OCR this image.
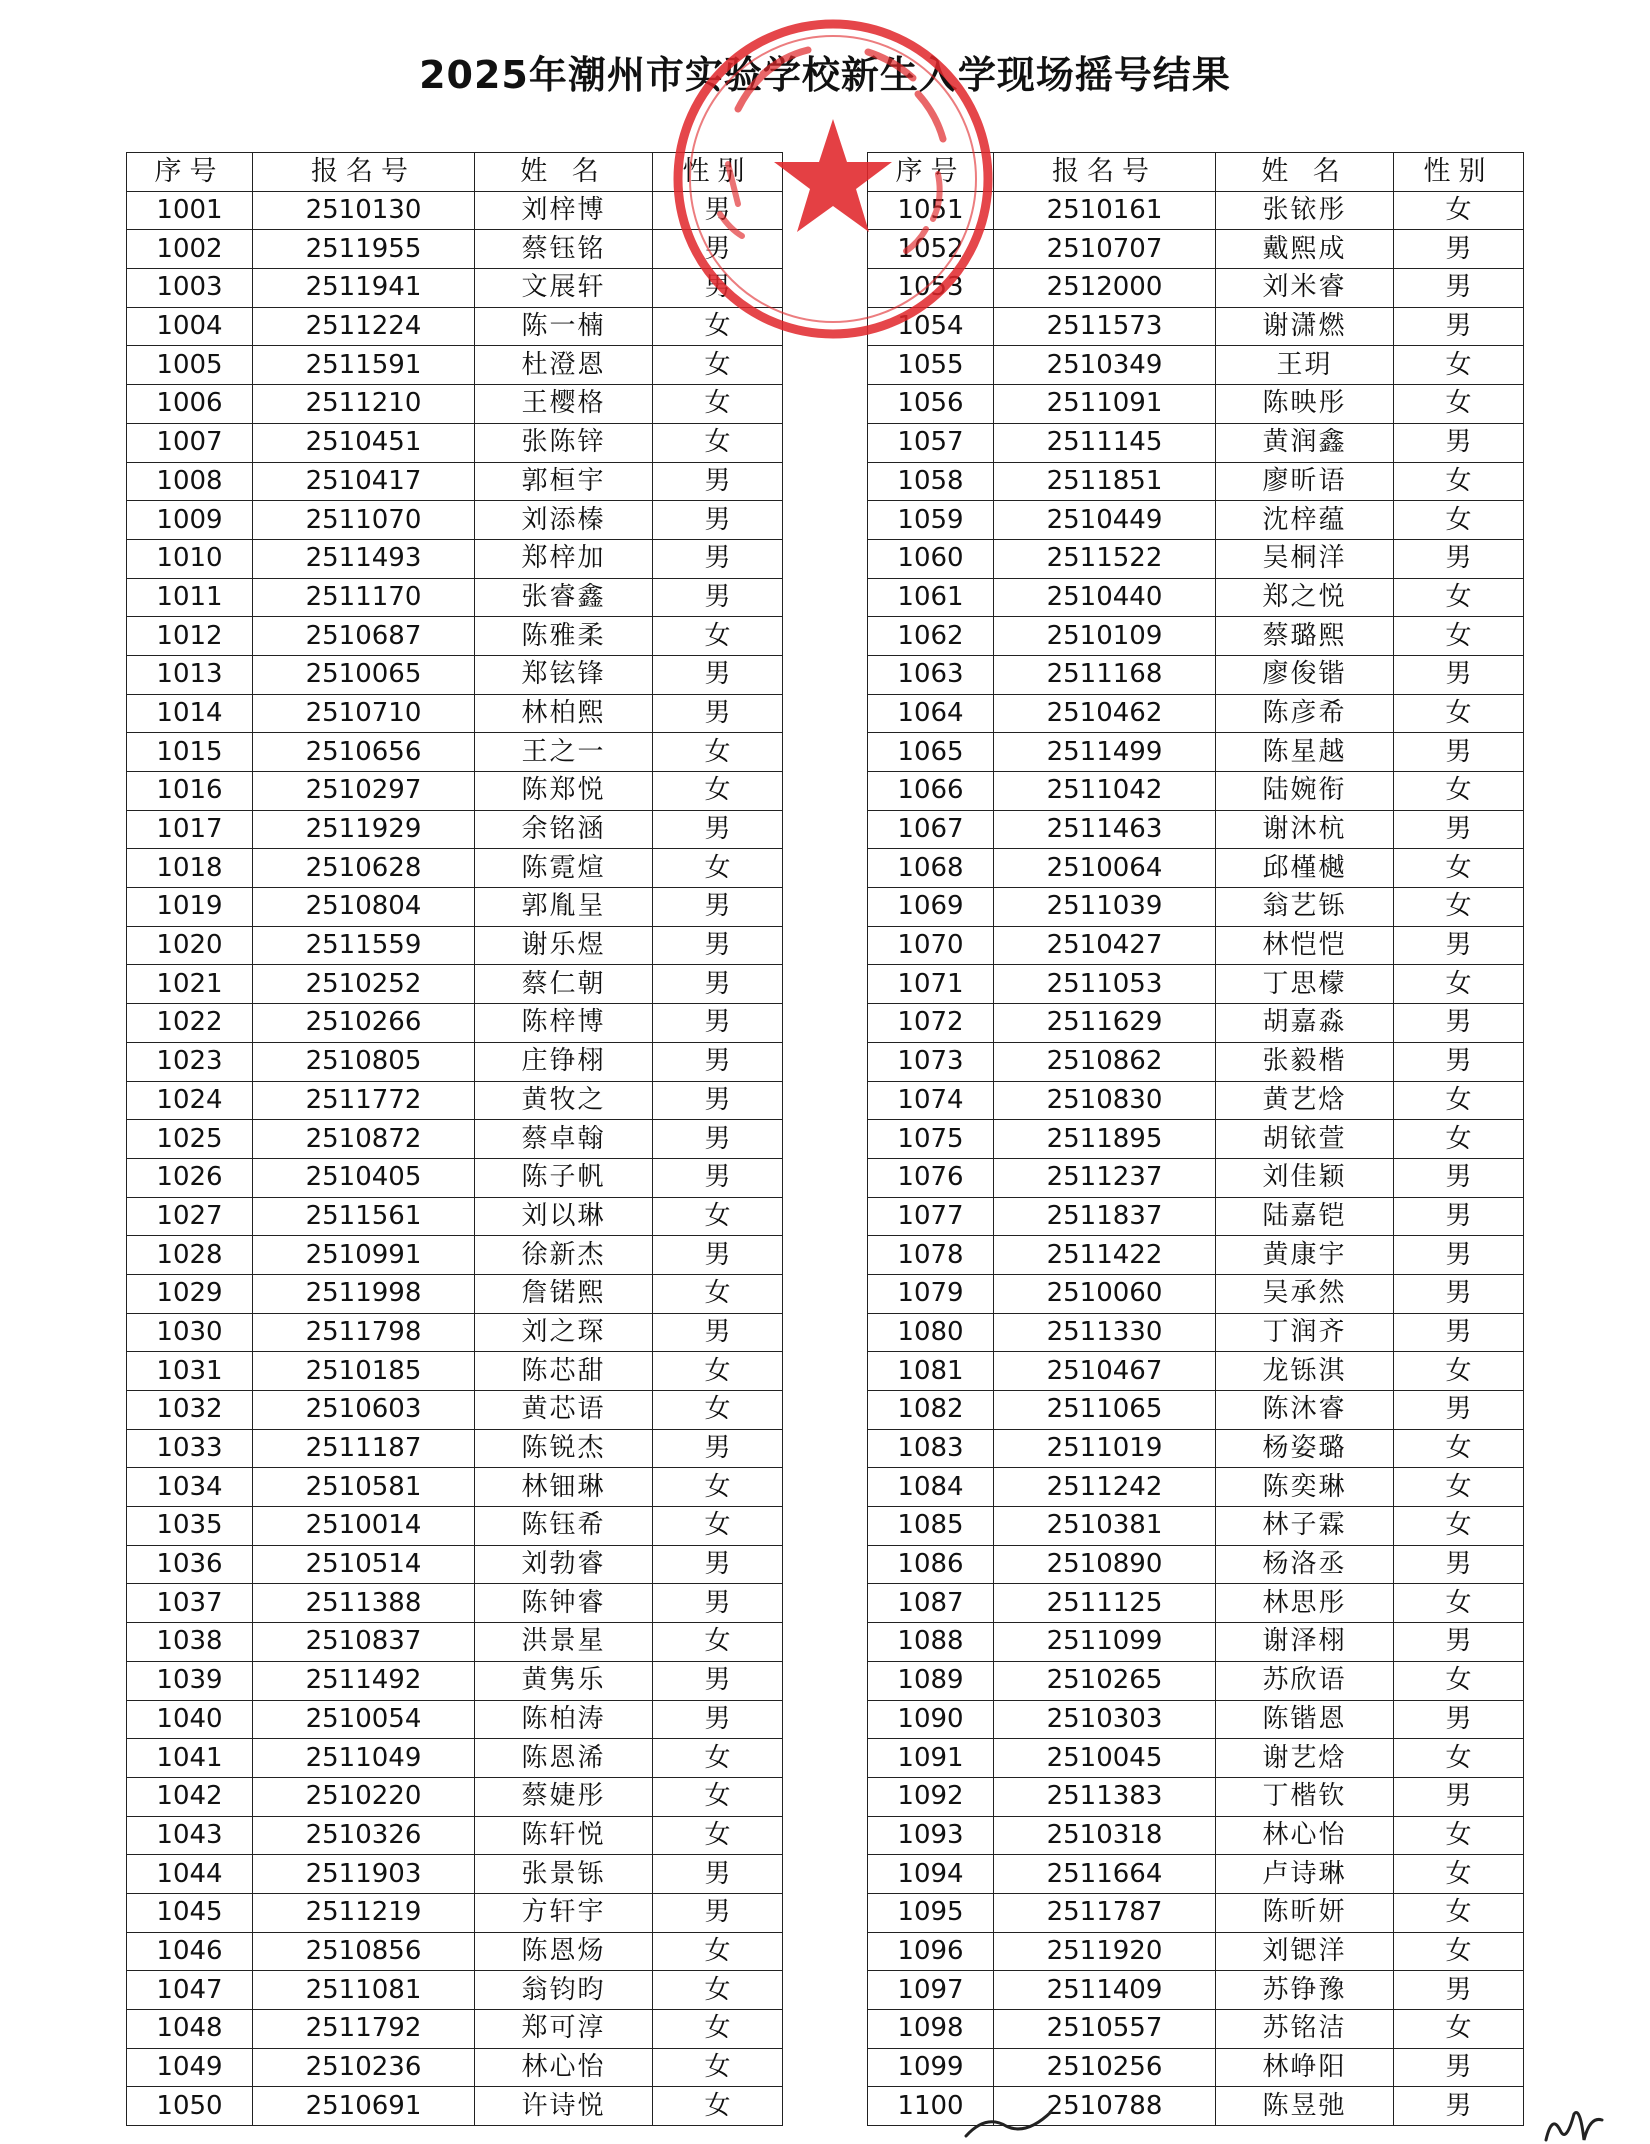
2025年潮州市实验学校新生入学现场摇号结果
序号	报名号	姓 名	性别
1001	2510130	刘梓博	男
1002	2511955	蔡钰铭	男
1003	2511941	文展轩	男
1004	2511224	陈一楠	女
1005	2511591	杜澄恩	女
1006	2511210	王樱格	女
1007	2510451	张陈锌	女
1008	2510417	郭桓宇	男
1009	2511070	刘添榛	男
1010	2511493	郑梓加	男
1011	2511170	张睿鑫	男
1012	2510687	陈雅柔	女
1013	2510065	郑铉锋	男
1014	2510710	林柏熙	男
1015	2510656	王之一	女
1016	2510297	陈郑悦	女
1017	2511929	余铭涵	男
1018	2510628	陈霓煊	女
1019	2510804	郭胤呈	男
1020	2511559	谢乐煜	男
1021	2510252	蔡仁朝	男
1022	2510266	陈梓博	男
1023	2510805	庄铮栩	男
1024	2511772	黄牧之	男
1025	2510872	蔡卓翰	男
1026	2510405	陈子帆	男
1027	2511561	刘以琳	女
1028	2510991	徐新杰	男
1029	2511998	詹锘熙	女
1030	2511798	刘之琛	男
1031	2510185	陈芯甜	女
1032	2510603	黄芯语	女
1033	2511187	陈锐杰	男
1034	2510581	林钿琳	女
1035	2510014	陈钰希	女
1036	2510514	刘勃睿	男
1037	2511388	陈钟睿	男
1038	2510837	洪景星	女
1039	2511492	黄隽乐	男
1040	2510054	陈柏涛	男
1041	2511049	陈恩浠	女
1042	2510220	蔡婕彤	女
1043	2510326	陈轩悦	女
1044	2511903	张景铄	男
1045	2511219	方轩宇	男
1046	2510856	陈恩炀	女
1047	2511081	翁钧昀	女
1048	2511792	郑可淳	女
1049	2510236	林心怡	女
1050	2510691	许诗悦	女
序号	报名号	姓 名	性别
1051	2510161	张铱彤	女
1052	2510707	戴熙成	男
1053	2512000	刘米睿	男
1054	2511573	谢潇燃	男
1055	2510349	王玥	女
1056	2511091	陈映彤	女
1057	2511145	黄润鑫	男
1058	2511851	廖昕语	女
1059	2510449	沈梓蕴	女
1060	2511522	吴桐洋	男
1061	2510440	郑之悦	女
1062	2510109	蔡璐熙	女
1063	2511168	廖俊锴	男
1064	2510462	陈彦希	女
1065	2511499	陈星越	男
1066	2511042	陆婉衔	女
1067	2511463	谢沐杭	男
1068	2510064	邱槿樾	女
1069	2511039	翁艺铄	女
1070	2510427	林恺恺	男
1071	2511053	丁思檬	女
1072	2511629	胡嘉淼	男
1073	2510862	张毅楷	男
1074	2510830	黄艺焓	女
1075	2511895	胡铱萱	女
1076	2511237	刘佳颖	男
1077	2511837	陆嘉铠	男
1078	2511422	黄康宇	男
1079	2510060	吴承然	男
1080	2511330	丁润齐	男
1081	2510467	龙铄淇	女
1082	2511065	陈沐睿	男
1083	2511019	杨姿璐	女
1084	2511242	陈奕琳	女
1085	2510381	林子霖	女
1086	2510890	杨洛丞	男
1087	2511125	林思彤	女
1088	2511099	谢泽栩	男
1089	2510265	苏欣语	女
1090	2510303	陈锴恩	男
1091	2510045	谢艺焓	女
1092	2511383	丁楷钦	男
1093	2510318	林心怡	女
1094	2511664	卢诗琳	女
1095	2511787	陈昕妍	女
1096	2511920	刘锶洋	女
1097	2511409	苏铮豫	男
1098	2510557	苏铭洁	女
1099	2510256	林峥阳	男
1100	2510788	陈昱弛	男
